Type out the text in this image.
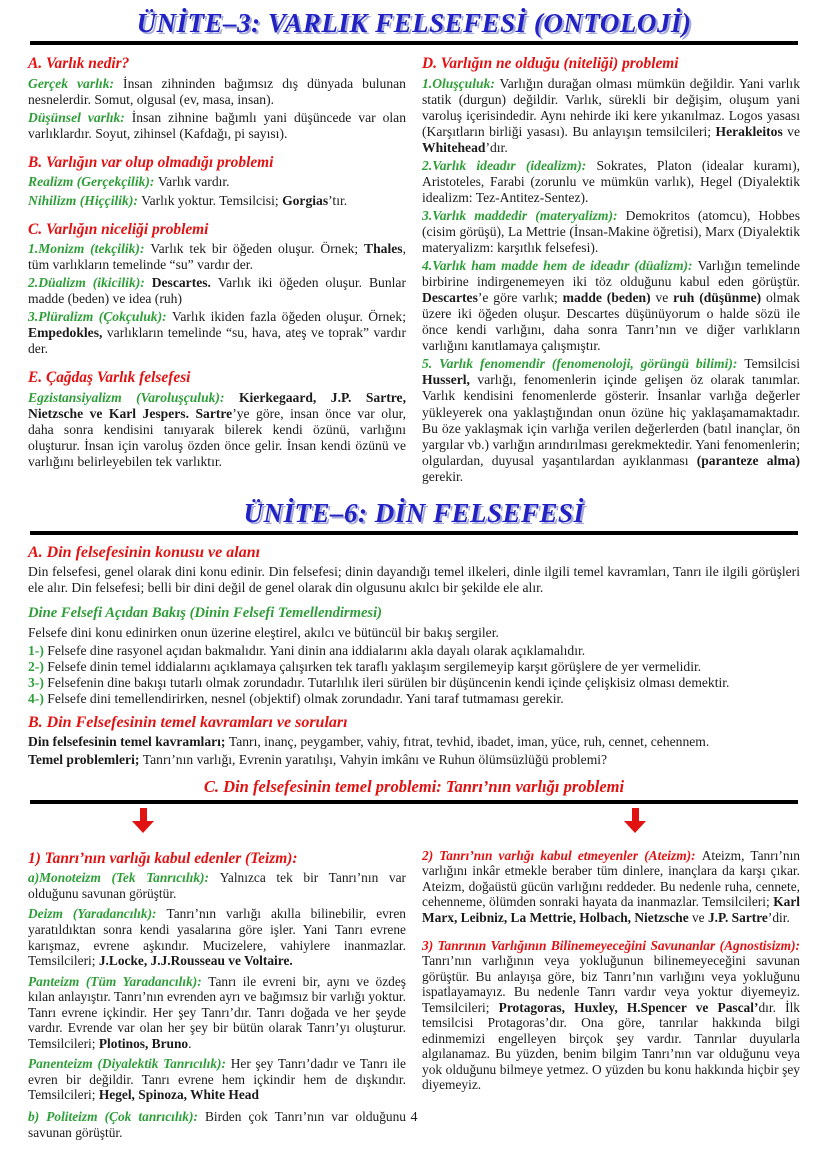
ÜNİTE–3: VARLIK FELSEFESİ (ONTOLOJİ)
A. Varlık nedir?

Gerçek varlık: İnsan zihninden bağımsız dış dünyada bulunan nesnelerdir. Somut, olgusal (ev, masa, insan).

Düşünsel varlık: İnsan zihnine bağımlı yani düşüncede var olan varlıklardır. Soyut, zihinsel (Kafdağı, pi sayısı).

B. Varlığın var olup olmadığı problemi

Realizm (Gerçekçilik): Varlık vardır.

Nihilizm (Hiççilik): Varlık yoktur. Temsilcisi; Gorgias’tır.

C. Varlığın niceliği problemi

1.Monizm (tekçilik): Varlık tek bir öğeden oluşur. Örnek; Thales, tüm varlıkların temelinde “su” vardır der.

2.Düalizm (ikicilik): Descartes. Varlık iki öğeden oluşur. Bunlar madde (beden) ve idea (ruh)

3.Plüralizm (Çokçuluk): Varlık ikiden fazla öğeden oluşur. Örnek; Empedokles, varlıkların temelinde “su, hava, ateş ve toprak” vardır der.

E. Çağdaş Varlık felsefesi

Egzistansiyalizm (Varoluşçuluk): Kierkegaard, J.P. Sartre, Nietzsche ve Karl Jespers. Sartre’ye göre, insan önce var olur, daha sonra kendisini tanıyarak bilerek kendi özünü, varlığını oluşturur. İnsan için varoluş özden önce gelir. İnsan kendi özünü ve varlığını belirleyebilen tek varlıktır.

D. Varlığın ne olduğu (niteliği) problemi

1.Oluşçuluk: Varlığın durağan olması mümkün değildir. Yani varlık statik (durgun) değildir. Varlık, sürekli bir değişim, oluşum yani varoluş içerisindedir. Aynı nehirde iki kere yıkanılmaz. Logos yasası (Karşıtların birliği yasası). Bu anlayışın temsilcileri; Herakleitos ve Whitehead’dır.

2.Varlık ideadır (idealizm): Sokrates, Platon (idealar kuramı), Aristoteles, Farabi (zorunlu ve mümkün varlık), Hegel (Diyalektik idealizm: Tez-Antitez-Sentez).

3.Varlık maddedir (materyalizm): Demokritos (atomcu), Hobbes (cisim görüşü), La Mettrie (İnsan-Makine öğretisi), Marx (Diyalektik materyalizm: karşıtlık felsefesi).

4.Varlık ham madde hem de ideadır (düalizm): Varlığın temelinde birbirine indirgenemeyen iki töz olduğunu kabul eden görüştür. Descartes’e göre varlık; madde (beden) ve ruh (düşünme) olmak üzere iki öğeden oluşur. Descartes düşünüyorum o halde sözü ile önce kendi varlığını, daha sonra Tanrı’nın ve diğer varlıkların varlığını kanıtlamaya çalışmıştır.

5. Varlık fenomendir (fenomenoloji, görüngü bilimi): Temsilcisi Husserl, varlığı, fenomenlerin içinde gelişen öz olarak tanımlar. Varlık kendisini fenomenlerde gösterir. İnsanlar varlığa değerler yükleyerek ona yaklaştığından onun özüne hiç yaklaşamamaktadır. Bu öze yaklaşmak için varlığa verilen değerlerden (batıl inançlar, ön yargılar vb.) varlığın arındırılması gerekmektedir. Yani fenomenlerin; olgulardan, duyusal yaşantılardan ayıklanması (paranteze alma) gerekir.

ÜNİTE–6: DİN FELSEFESİ
A. Din felsefesinin konusu ve alanı

Din felsefesi, genel olarak dini konu edinir. Din felsefesi; dinin dayandığı temel ilkeleri, dinle ilgili temel kavramları, Tanrı ile ilgili görüşleri ele alır. Din felsefesi; belli bir dini değil de genel olarak din olgusunu akılcı bir şekilde ele alır.

Dine Felsefi Açıdan Bakış (Dinin Felsefi Temellendirmesi)

Felsefe dini konu edinirken onun üzerine eleştirel, akılcı ve bütüncül bir bakış sergiler.

1-) Felsefe dine rasyonel açıdan bakmalıdır. Yani dinin ana iddialarını akla dayalı olarak açıklamalıdır.
2-) Felsefe dinin temel iddialarını açıklamaya çalışırken tek taraflı yaklaşım sergilemeyip karşıt görüşlere de yer vermelidir.
3-) Felsefenin dine bakışı tutarlı olmak zorundadır. Tutarlılık ileri sürülen bir düşüncenin kendi içinde çelişkisiz olması demektir.
4-) Felsefe dini temellendirirken, nesnel (objektif) olmak zorundadır. Yani taraf tutmaması gerekir.
B. Din Felsefesinin temel kavramları ve soruları

Din felsefesinin temel kavramları; Tanrı, inanç, peygamber, vahiy, fıtrat, tevhid, ibadet, iman, yüce, ruh, cennet, cehennem.

Temel problemleri; Tanrı’nın varlığı, Evrenin yaratılışı, Vahyin imkânı ve Ruhun ölümsüzlüğü problemi?

C. Din felsefesinin temel problemi: Tanrı’nın varlığı problemi
1) Tanrı’nın varlığı kabul edenler (Teizm):

a)Monoteizm (Tek Tanrıcılık): Yalnızca tek bir Tanrı’nın var olduğunu savunan görüştür.

Deizm (Yaradancılık): Tanrı’nın varlığı akılla bilinebilir, evren yaratıldıktan sonra kendi yasalarına göre işler. Yani Tanrı evrene karışmaz, evrene aşkındır. Mucizelere, vahiylere inanmazlar. Temsilcileri; J.Locke, J.J.Rousseau ve Voltaire.

Panteizm (Tüm Yaradancılık): Tanrı ile evreni bir, aynı ve özdeş kılan anlayıştır. Tanrı’nın evrenden ayrı ve bağımsız bir varlığı yoktur. Tanrı evrene içkindir. Her şey Tanrı’dır. Tanrı doğada ve her şeyde vardır. Evrende var olan her şey bir bütün olarak Tanrı’yı oluşturur. Temsilcileri; Plotinos, Bruno.

Panenteizm (Diyalektik Tanrıcılık): Her şey Tanrı’dadır ve Tanrı ile evren bir değildir. Tanrı evrene hem içkindir hem de dışkındır. Temsilcileri; Hegel, Spinoza, White Head

b) Politeizm (Çok tanrıcılık): Birden çok Tanrı’nın var olduğunu savunan görüştür.

2) Tanrı’nın varlığı kabul etmeyenler (Ateizm): Ateizm, Tanrı’nın varlığını inkâr etmekle beraber tüm dinlere, inançlara da karşı çıkar. Ateizm, doğaüstü gücün varlığını reddeder. Bu nedenle ruha, cennete, cehenneme, ölümden sonraki hayata da inanmazlar. Temsilcileri; Karl Marx, Leibniz, La Mettrie, Holbach, Nietzsche ve J.P. Sartre’dir.

3) Tanrının Varlığının Bilinemeyeceğini Savunanlar (Agnostisizm): Tanrı’nın varlığının veya yokluğunun bilinemeyeceğini savunan görüştür. Bu anlayışa göre, biz Tanrı’nın varlığını veya yokluğunu ispatlayamayız. Bu nedenle Tanrı vardır veya yoktur diyemeyiz. Temsilcileri; Protagoras, Huxley, H.Spencer ve Pascal’dır. İlk temsilcisi Protagoras’dır. Ona göre, tanrılar hakkında bilgi edinmemizi engelleyen birçok şey vardır. Tanrılar duyularla algılanamaz. Bu yüzden, benim bilgim Tanrı’nın var olduğunu veya yok olduğunu bilmeye yetmez. O yüzden bu konu hakkında hiçbir şey diyemeyiz.

4
